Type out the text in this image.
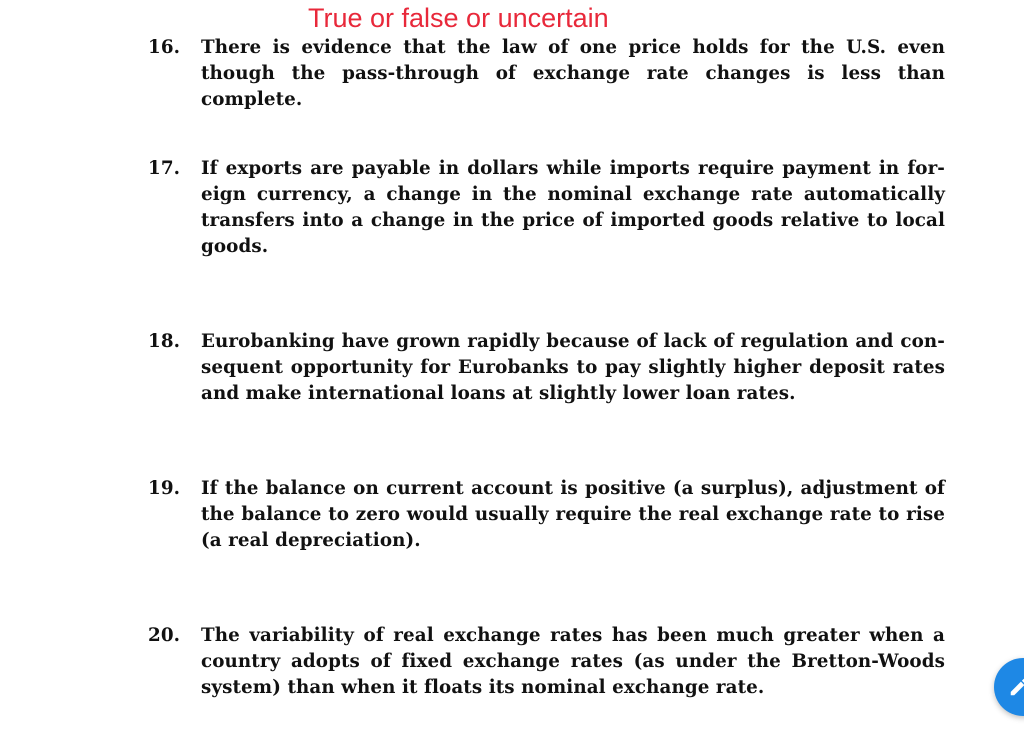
True or false or uncertain
16.	There is evidence that the law of one price holds for the U.S. even though the pass-through of exchange rate changes is less than complete.
17.	If exports are payable in dollars while imports require payment in for-eign currency, a change in the nominal exchange rate automatically transfers into a change in the price of imported goods relative to local goods.
18.	Eurobanking have grown rapidly because of lack of regulation and con-sequent opportunity for Eurobanks to pay slightly higher deposit rates and make international loans at slightly lower loan rates.
19.	If the balance on current account is positive (a surplus), adjustment of the balance to zero would usually require the real exchange rate to rise (a real depreciation).
20.	The variability of real exchange rates has been much greater when a country adopts of fixed exchange rates (as under the Bretton-Woods system) than when it floats its nominal exchange rate.
